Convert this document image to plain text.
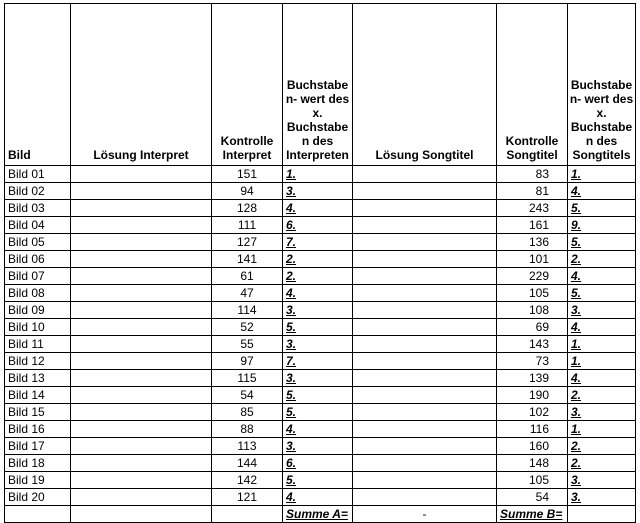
Bild	Lösung Interpret	Kontrolle Interpret	Buchstabe n- wert des x. Buchstabe n des Interpreten	Lösung Songtitel	Kontrolle Songtitel	Buchstabe n- wert des x. Buchstabe n des Songtitels
Bild 01		151	1.		83	1.
Bild 02		94	3.		81	4.
Bild 03		128	4.		243	5.
Bild 04		111	6.		161	9.
Bild 05		127	7.		136	5.
Bild 06		141	2.		101	2.
Bild 07		61	2.		229	4.
Bild 08		47	4.		105	5.
Bild 09		114	3.		108	3.
Bild 10		52	5.		69	4.
Bild 11		55	3.		143	1.
Bild 12		97	7.		73	1.
Bild 13		115	3.		139	4.
Bild 14		54	5.		190	2.
Bild 15		85	5.		102	3.
Bild 16		88	4.		116	1.
Bild 17		113	3.		160	2.
Bild 18		144	6.		148	2.
Bild 19		142	5.		105	3.
Bild 20		121	4.		54	3.
			Summe A=	-	Summe B=	
